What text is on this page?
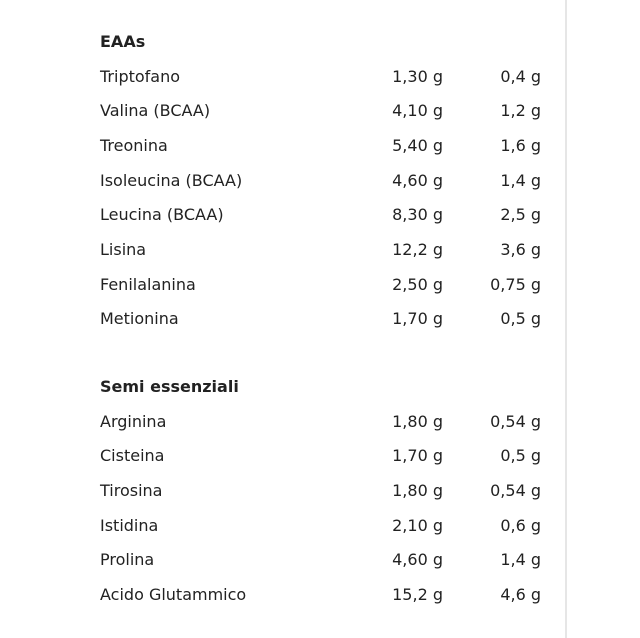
EAAs
Triptofano	1,30 g	0,4 g
Valina (BCAA)	4,10 g	1,2 g
Treonina	5,40 g	1,6 g
Isoleucina (BCAA)	4,60 g	1,4 g
Leucina (BCAA)	8,30 g	2,5 g
Lisina	12,2 g	3,6 g
Fenilalanina	2,50 g	0,75 g
Metionina	1,70 g	0,5 g
Semi essenziali
Arginina	1,80 g	0,54 g
Cisteina	1,70 g	0,5 g
Tirosina	1,80 g	0,54 g
Istidina	2,10 g	0,6 g
Prolina	4,60 g	1,4 g
Acido Glutammico	15,2 g	4,6 g
